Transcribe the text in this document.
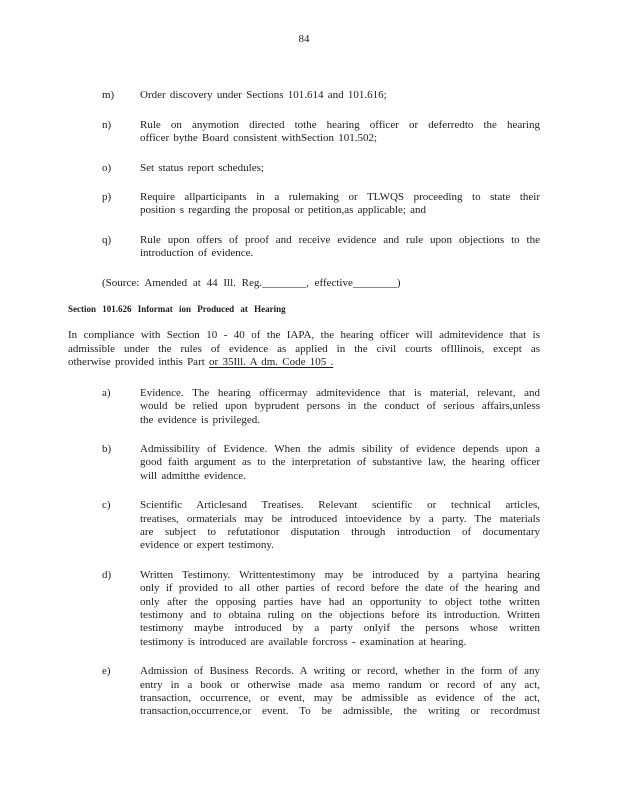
84
m)	Order discovery under Sections 101.614 and 101.616;
n)	Rule on anymotion directed tothe hearing officer or deferredto the hearing
officer bythe Board consistent withSection 101.502;
o)	Set status report schedules;
p)	Require allparticipants in a rulemaking or TLWQS proceeding to state their
position s regarding the proposal or petition,as applicable; and
q)	Rule upon offers of proof and receive evidence and rule upon objections to the
introduction of evidence.
(Source: Amended at 44 Ill. Reg.________, effective________)
Section 101.626 Informat ion Produced at Hearing
In compliance with Section 10 - 40 of the IAPA, the hearing officer will admitevidence that is
admissible under the rules of evidence as applied in the civil courts ofIllinois, except as
otherwise provided inthis Part or 35Ill. A dm. Code 105 .
a)	Evidence. The hearing officermay admitevidence that is material, relevant, and
would be relied upon byprudent persons in the conduct of serious affairs,unless
the evidence is privileged.
b)	Admissibility of Evidence. When the admis sibility of evidence depends upon a
good faith argument as to the interpretation of substantive law, the hearing officer
will admitthe evidence.
c)	Scientific Articlesand Treatises. Relevant scientific or technical articles,
treatises, ormaterials may be introduced intoevidence by a party. The materials
are subject to refutationor disputation through introduction of documentary
evidence or expert testimony.
d)	Written Testimony. Writtentestimony may be introduced by a partyina hearing
only if provided to all other parties of record before the date of the hearing and
only after the opposing parties have had an opportunity to object tothe written
testimony and to obtaina ruling on the objections before its introduction. Written
testimony maybe introduced by a party onlyif the persons whose written
testimony is introduced are available forcross - examination at hearing.
e)	Admission of Business Records. A writing or record, whether in the form of any
entry in a book or otherwise made asa memo randum or record of any act,
transaction, occurrence, or event, may be admissible as evidence of the act,
transaction,occurrence,or event. To be admissible, the writing or recordmust
